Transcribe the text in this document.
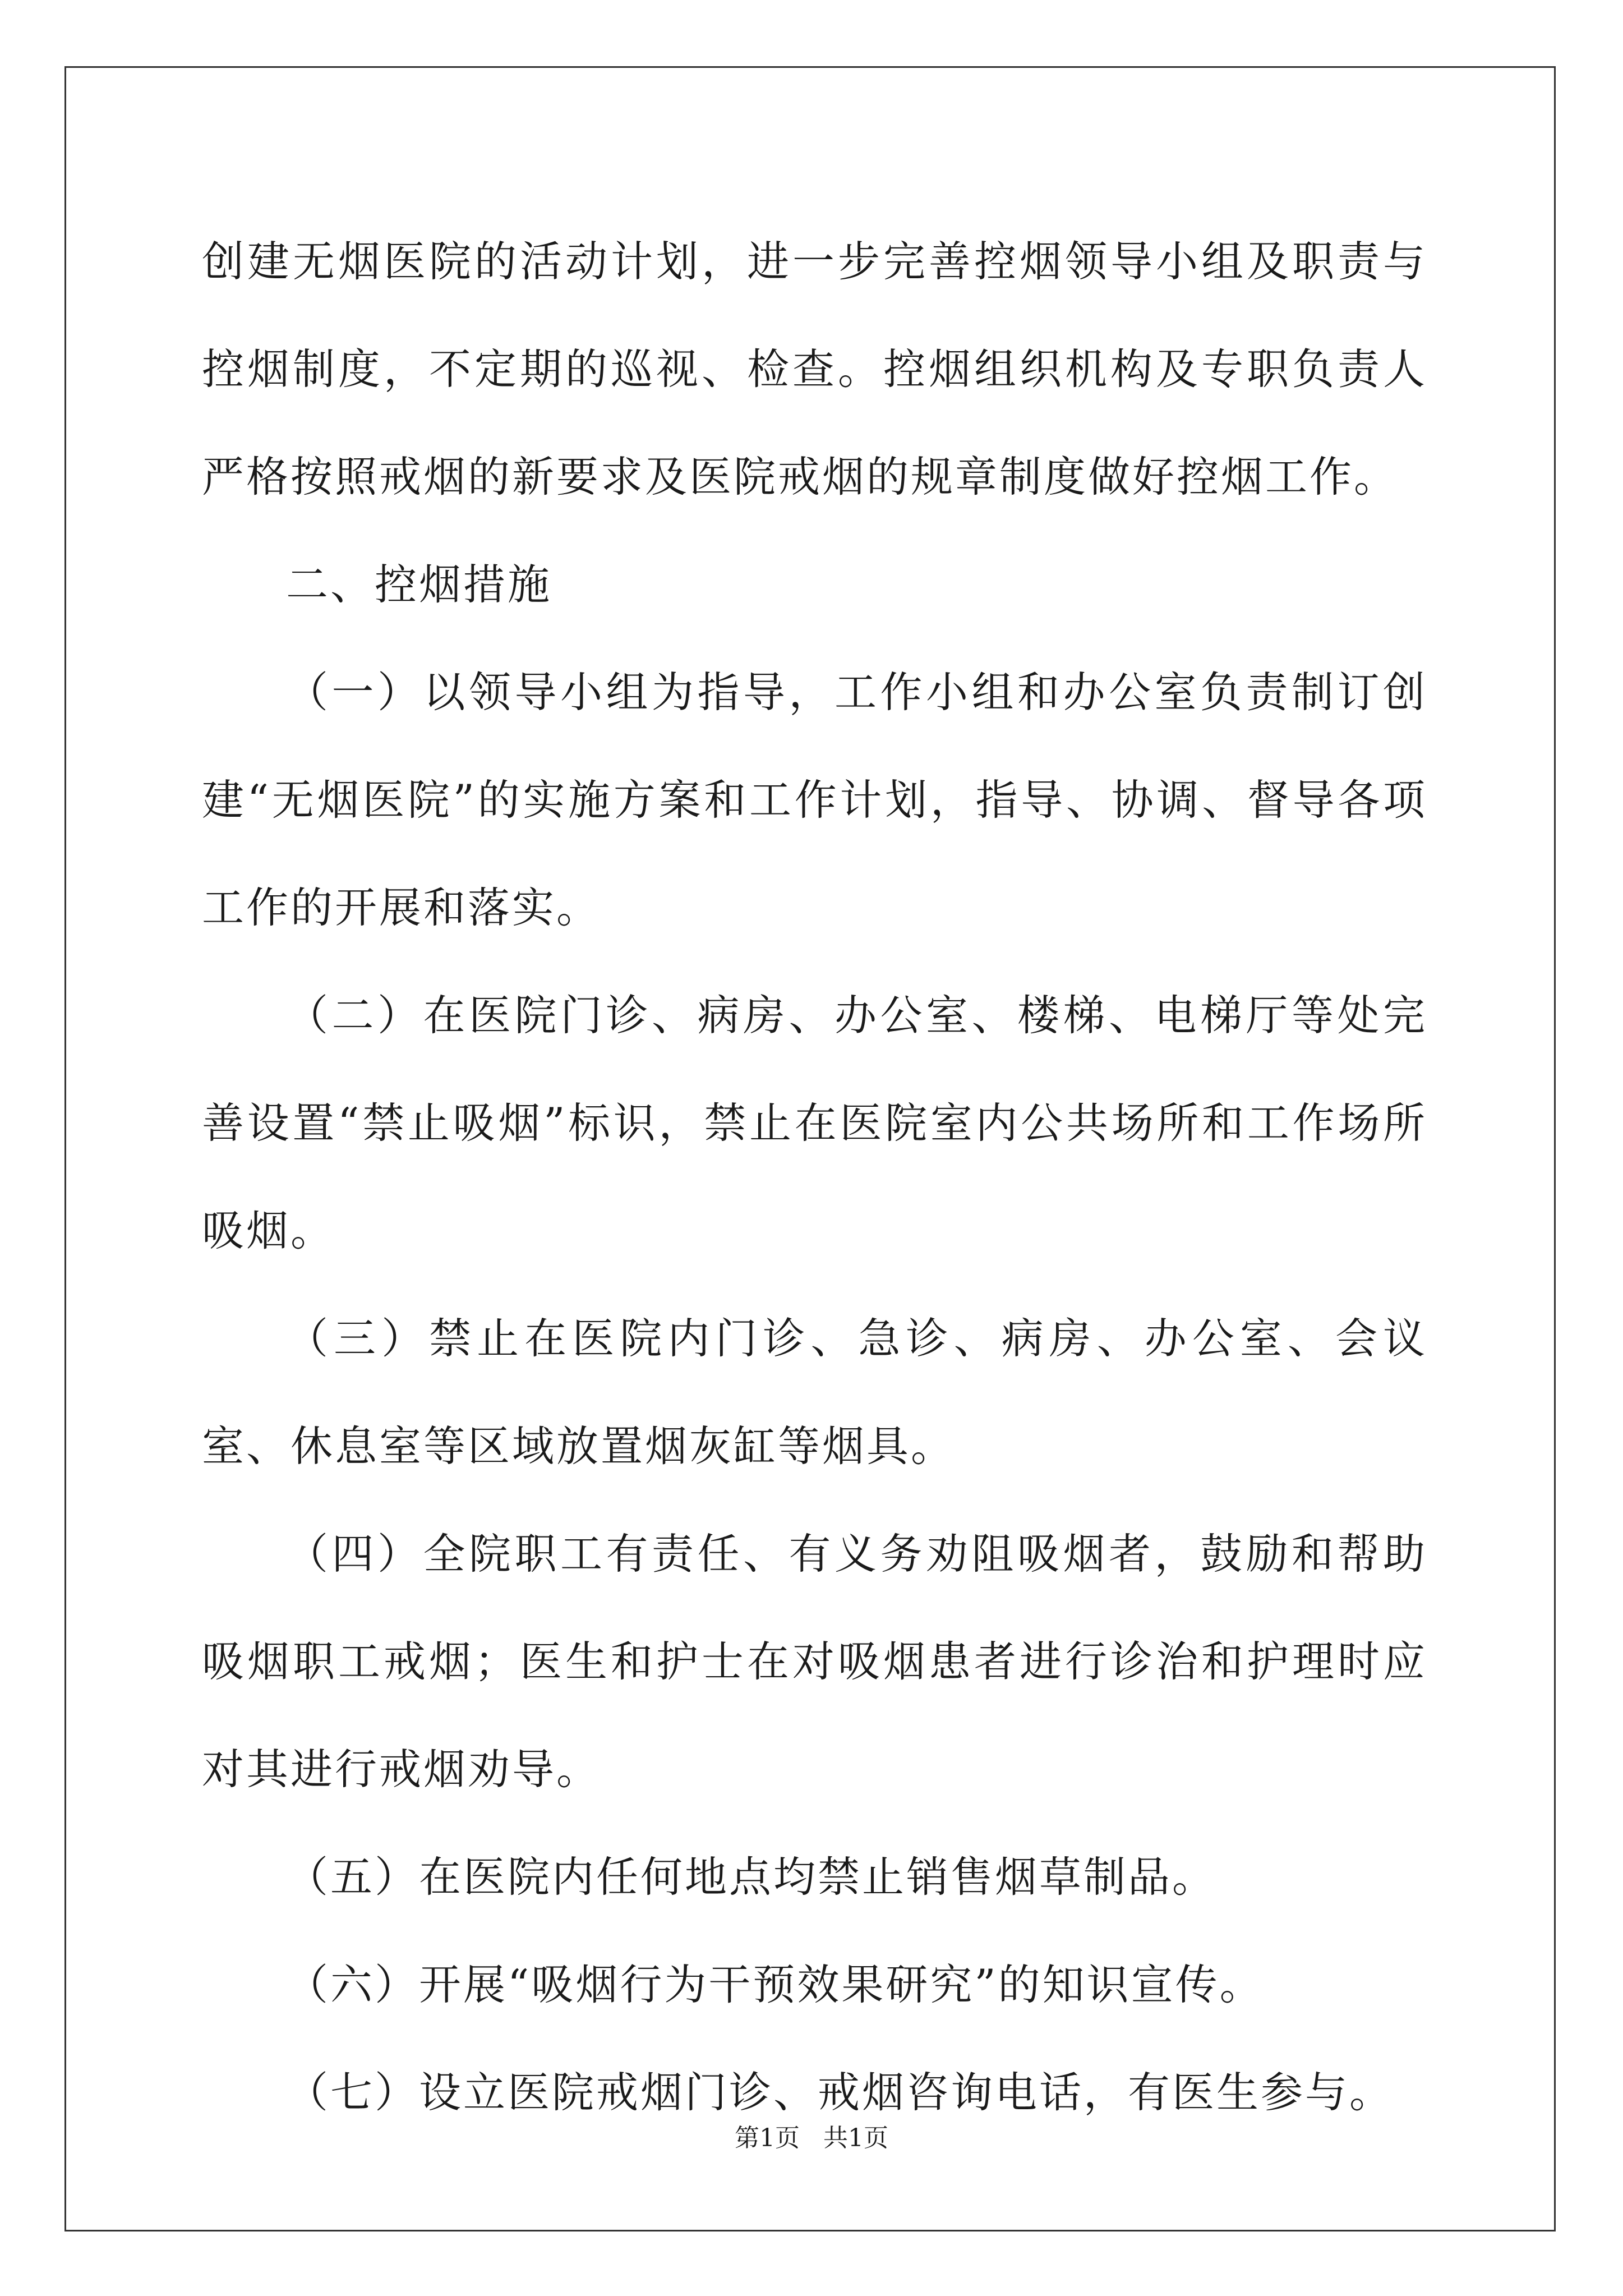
创建无烟医院的活动计划，进一步完善控烟领导小组及职责与控烟制度，不定期的巡视、检查。控烟组织机构及专职负责人严格按照戒烟的新要求及医院戒烟的规章制度做好控烟工作。

二、控烟措施

（一）以领导小组为指导，工作小组和办公室负责制订创建“无烟医院”的实施方案和工作计划，指导、协调、督导各项工作的开展和落实。

（二）在医院门诊、病房、办公室、楼梯、电梯厅等处完善设置“禁止吸烟”标识，禁止在医院室内公共场所和工作场所吸烟。

（三）禁止在医院内门诊、急诊、病房、办公室、会议室、休息室等区域放置烟灰缸等烟具。

（四）全院职工有责任、有义务劝阻吸烟者，鼓励和帮助吸烟职工戒烟；医生和护士在对吸烟患者进行诊治和护理时应对其进行戒烟劝导。

（五）在医院内任何地点均禁止销售烟草制品。

（六）开展“吸烟行为干预效果研究”的知识宣传。

（七）设立医院戒烟门诊、戒烟咨询电话，有医生参与。

第1页 共1页
